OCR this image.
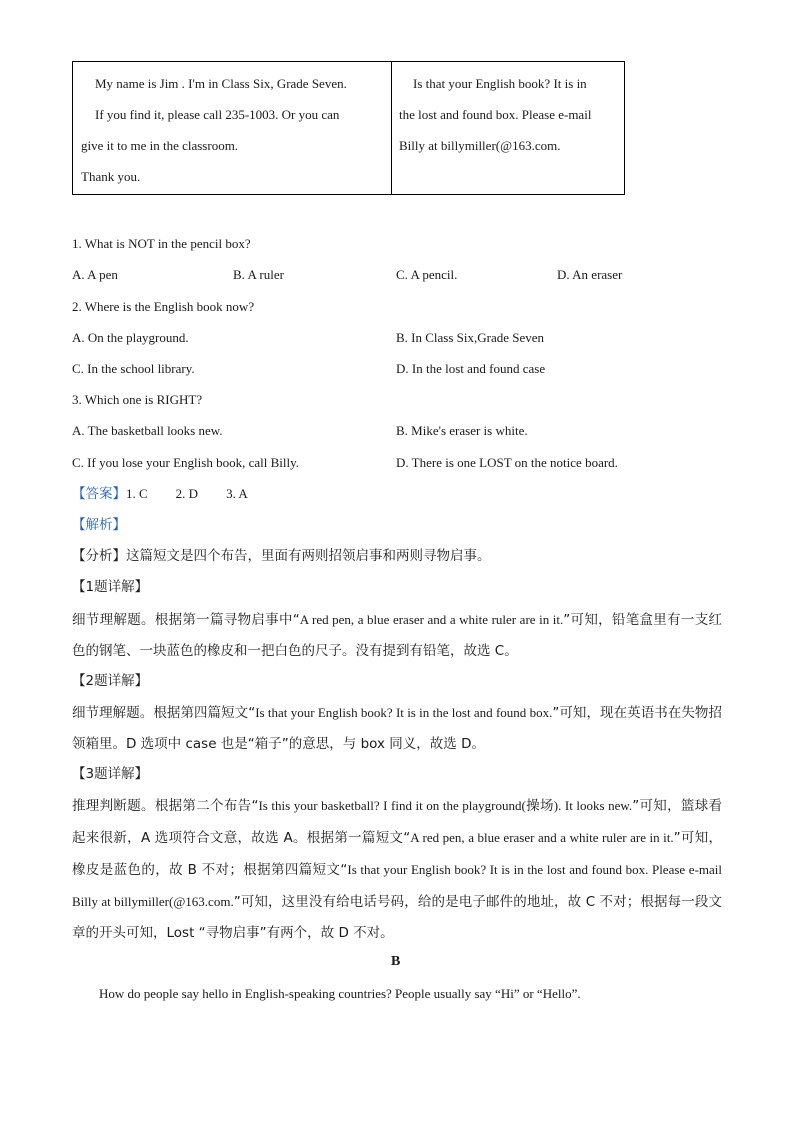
My name is Jim . I'm in Class Six, Grade Seven.
If you find it, please call 235-1003. Or you can
give it to me in the classroom.
Thank you.
Is that your English book? It is in
the lost and found box. Please e-mail
Billy at billymiller(@163.com.
1. What is NOT in the pencil box?
A. A pen	B. A ruler	C. A pencil.	D. An eraser
2. Where is the English book now?
A. On the playground.	B. In Class Six,Grade Seven
C. In the school library.	D. In the lost and found case
3. Which one is RIGHT?
A. The basketball looks new.	B. Mike's eraser is white.
C. If you lose your English book, call Billy.	D. There is one LOST on the notice board.
【答案】1. C 2. D 3. A
【解析】
【分析】这篇短文是四个布告，里面有两则招领启事和两则寻物启事。
【1题详解】
细节理解题。根据第一篇寻物启事中“A red pen, a blue eraser and a white ruler are in it.”可知，铅笔盒里有一支红色的钢笔、一块蓝色的橡皮和一把白色的尺子。没有提到有铅笔，故选 C。
【2题详解】
细节理解题。根据第四篇短文“Is that your English book? It is in the lost and found box.”可知，现在英语书在失物招领箱里。D 选项中 case 也是“箱子”的意思，与 box 同义，故选 D。
【3题详解】
推理判断题。根据第二个布告“Is this your basketball? I find it on the playground(操场). It looks new.”可知，篮球看起来很新，A 选项符合文意，故选 A。根据第一篇短文“A red pen, a blue eraser and a white ruler are in it.”可知，橡皮是蓝色的，故 B 不对；根据第四篇短文“Is that your English book? It is in the lost and found box. Please e-mail Billy at billymiller(@163.com.”可知，这里没有给电话号码，给的是电子邮件的地址，故 C 不对；根据每一段文章的开头可知，Lost “寻物启事”有两个，故 D 不对。
B
How do people say hello in English-speaking countries? People usually say “Hi” or “Hello”.
